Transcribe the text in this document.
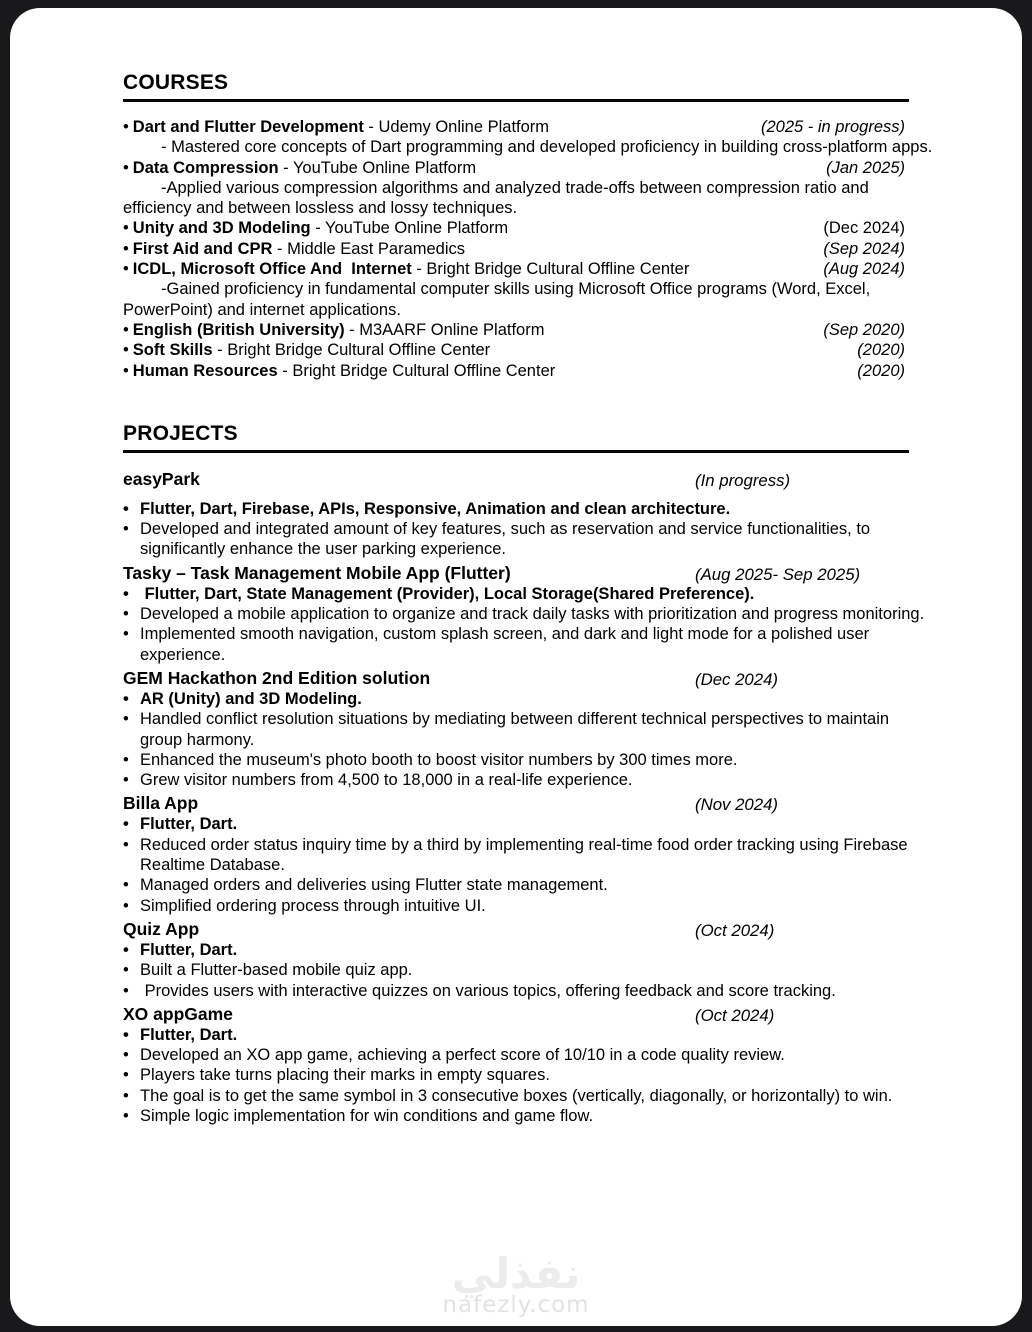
COURSES

• Dart and Flutter Development - Udemy Online Platform	(2025 - in progress)

- Mastered core concepts of Dart programming and developed proficiency in building cross-platform apps.

• Data Compression - YouTube Online Platform	(Jan 2025)

-Applied various compression algorithms and analyzed trade-offs between compression ratio and efficiency and between lossless and lossy techniques.

• Unity and 3D Modeling - YouTube Online Platform	(Dec 2024)

• First Aid and CPR - Middle East Paramedics	(Sep 2024)

• ICDL, Microsoft Office And  Internet - Bright Bridge Cultural Offline Center	(Aug 2024)

-Gained proficiency in fundamental computer skills using Microsoft Office programs (Word, Excel, PowerPoint) and internet applications.

• English (British University) - M3AARF Online Platform	(Sep 2020)

• Soft Skills - Bright Bridge Cultural Offline Center	(2020)

• Human Resources - Bright Bridge Cultural Offline Center	(2020)

PROJECTS
easyPark	(In progress)
• Flutter, Dart, Firebase, APIs, Responsive, Animation and clean architecture.
• Developed and integrated amount of key features, such as reservation and service functionalities, to significantly enhance the user parking experience.
Tasky – Task Management Mobile App (Flutter)	(Aug 2025- Sep 2025)
• Flutter, Dart, State Management (Provider), Local Storage(Shared Preference).
• Developed a mobile application to organize and track daily tasks with prioritization and progress monitoring.
• Implemented smooth navigation, custom splash screen, and dark and light mode for a polished user experience.
GEM Hackathon 2nd Edition solution	(Dec 2024)
• AR (Unity) and 3D Modeling.
• Handled conflict resolution situations by mediating between different technical perspectives to maintain group harmony.
• Enhanced the museum's photo booth to boost visitor numbers by 300 times more.
• Grew visitor numbers from 4,500 to 18,000 in a real-life experience.
Billa App	(Nov 2024)
• Flutter, Dart.
• Reduced order status inquiry time by a third by implementing real-time food order tracking using Firebase Realtime Database.
• Managed orders and deliveries using Flutter state management.
• Simplified ordering process through intuitive UI.
Quiz App	(Oct 2024)
• Flutter, Dart.
• Built a Flutter-based mobile quiz app.
• Provides users with interactive quizzes on various topics, offering feedback and score tracking.
XO appGame	(Oct 2024)
• Flutter, Dart.
• Developed an XO app game, achieving a perfect score of 10/10 in a code quality review.
• Players take turns placing their marks in empty squares.
• The goal is to get the same symbol in 3 consecutive boxes (vertically, diagonally, or horizontally) to win.
• Simple logic implementation for win conditions and game flow.
نفذلي
nafezly.com
